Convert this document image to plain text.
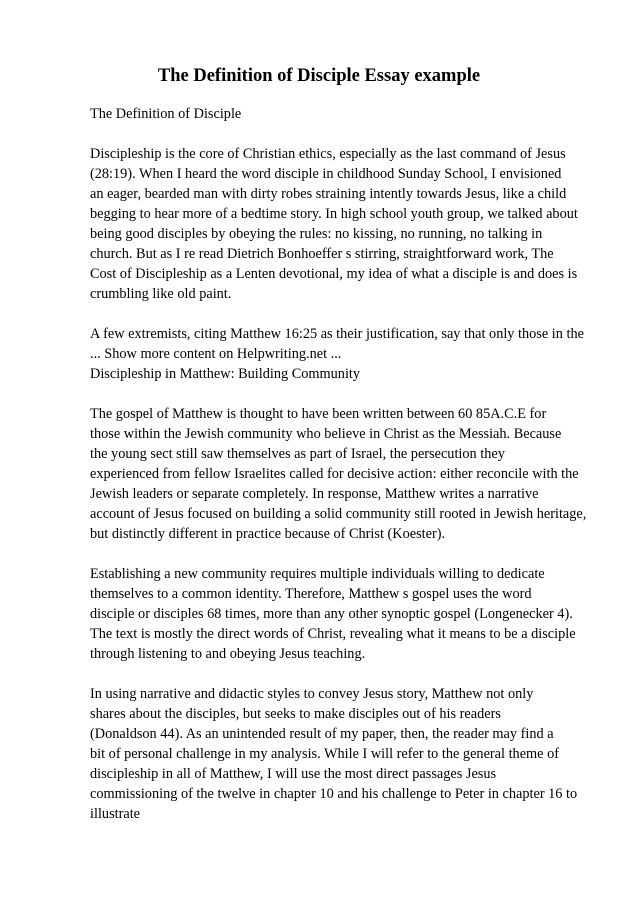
The Definition of Disciple Essay example
The Definition of Disciple
Discipleship is the core of Christian ethics, especially as the last command of Jesus
(28:19). When I heard the word disciple in childhood Sunday School, I envisioned
an eager, bearded man with dirty robes straining intently towards Jesus, like a child
begging to hear more of a bedtime story. In high school youth group, we talked about
being good disciples by obeying the rules: no kissing, no running, no talking in
church. But as I re read Dietrich Bonhoeffer s stirring, straightforward work, The
Cost of Discipleship as a Lenten devotional, my idea of what a disciple is and does is
crumbling like old paint.
A few extremists, citing Matthew 16:25 as their justification, say that only those in the
... Show more content on Helpwriting.net ...
Discipleship in Matthew: Building Community
The gospel of Matthew is thought to have been written between 60 85A.C.E for
those within the Jewish community who believe in Christ as the Messiah. Because
the young sect still saw themselves as part of Israel, the persecution they
experienced from fellow Israelites called for decisive action: either reconcile with the
Jewish leaders or separate completely. In response, Matthew writes a narrative
account of Jesus focused on building a solid community still rooted in Jewish heritage,
but distinctly different in practice because of Christ (Koester).
Establishing a new community requires multiple individuals willing to dedicate
themselves to a common identity. Therefore, Matthew s gospel uses the word
disciple or disciples 68 times, more than any other synoptic gospel (Longenecker 4).
The text is mostly the direct words of Christ, revealing what it means to be a disciple
through listening to and obeying Jesus teaching.
In using narrative and didactic styles to convey Jesus story, Matthew not only
shares about the disciples, but seeks to make disciples out of his readers
(Donaldson 44). As an unintended result of my paper, then, the reader may find a
bit of personal challenge in my analysis. While I will refer to the general theme of
discipleship in all of Matthew, I will use the most direct passages Jesus
commissioning of the twelve in chapter 10 and his challenge to Peter in chapter 16 to
illustrate
